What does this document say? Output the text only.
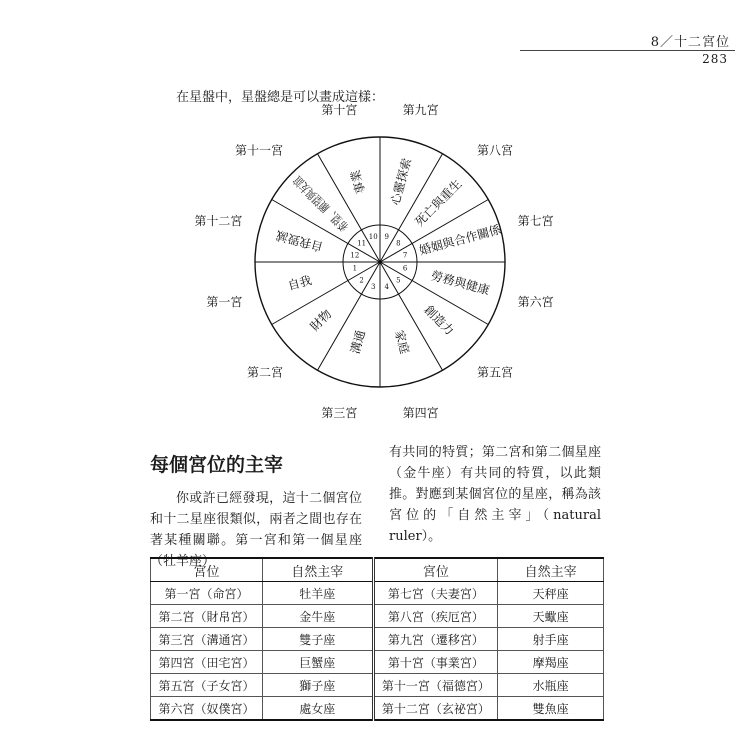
8／十二宮位
283
在星盤中，星盤總是可以畫成這樣：
1
2
3 4
5
6
7
8
9
10
11
12
自我
財物
溝通 家庭
創造力
勞務與健康
婚姻與合作關係
死亡與重生
心靈探索
事業
希望、願望與友誼
自我毀滅
第一宮
第二宮
第三宮	第四宮
第五宮
第六宮
第七宮
第八宮
第九宮
第十宮
第十一宮
第十二宮
每個宮位的主宰
你或許已經發現，這十二個宮位和十二星座很類似，兩者之間也存在著某種關聯。第一宮和第一個星座（牡羊座）
有共同的特質；第二宮和第二個星座（金牛座）有共同的特質，以此類推。對應到某個宮位的星座，稱為該宮位的「自然主宰」（natural ruler）。
宮位	自然主宰	宮位	自然主宰
第一宮（命宮）	牡羊座	第七宮（夫妻宮）	天秤座
第二宮（財帛宮）	金牛座	第八宮（疾厄宮）	天蠍座
第三宮（溝通宮）	雙子座	第九宮（遷移宮）	射手座
第四宮（田宅宮）	巨蟹座	第十宮（事業宮）	摩羯座
第五宮（子女宮）	獅子座	第十一宮（福德宮）	水瓶座
第六宮（奴僕宮）	處女座	第十二宮（玄祕宮）	雙魚座
